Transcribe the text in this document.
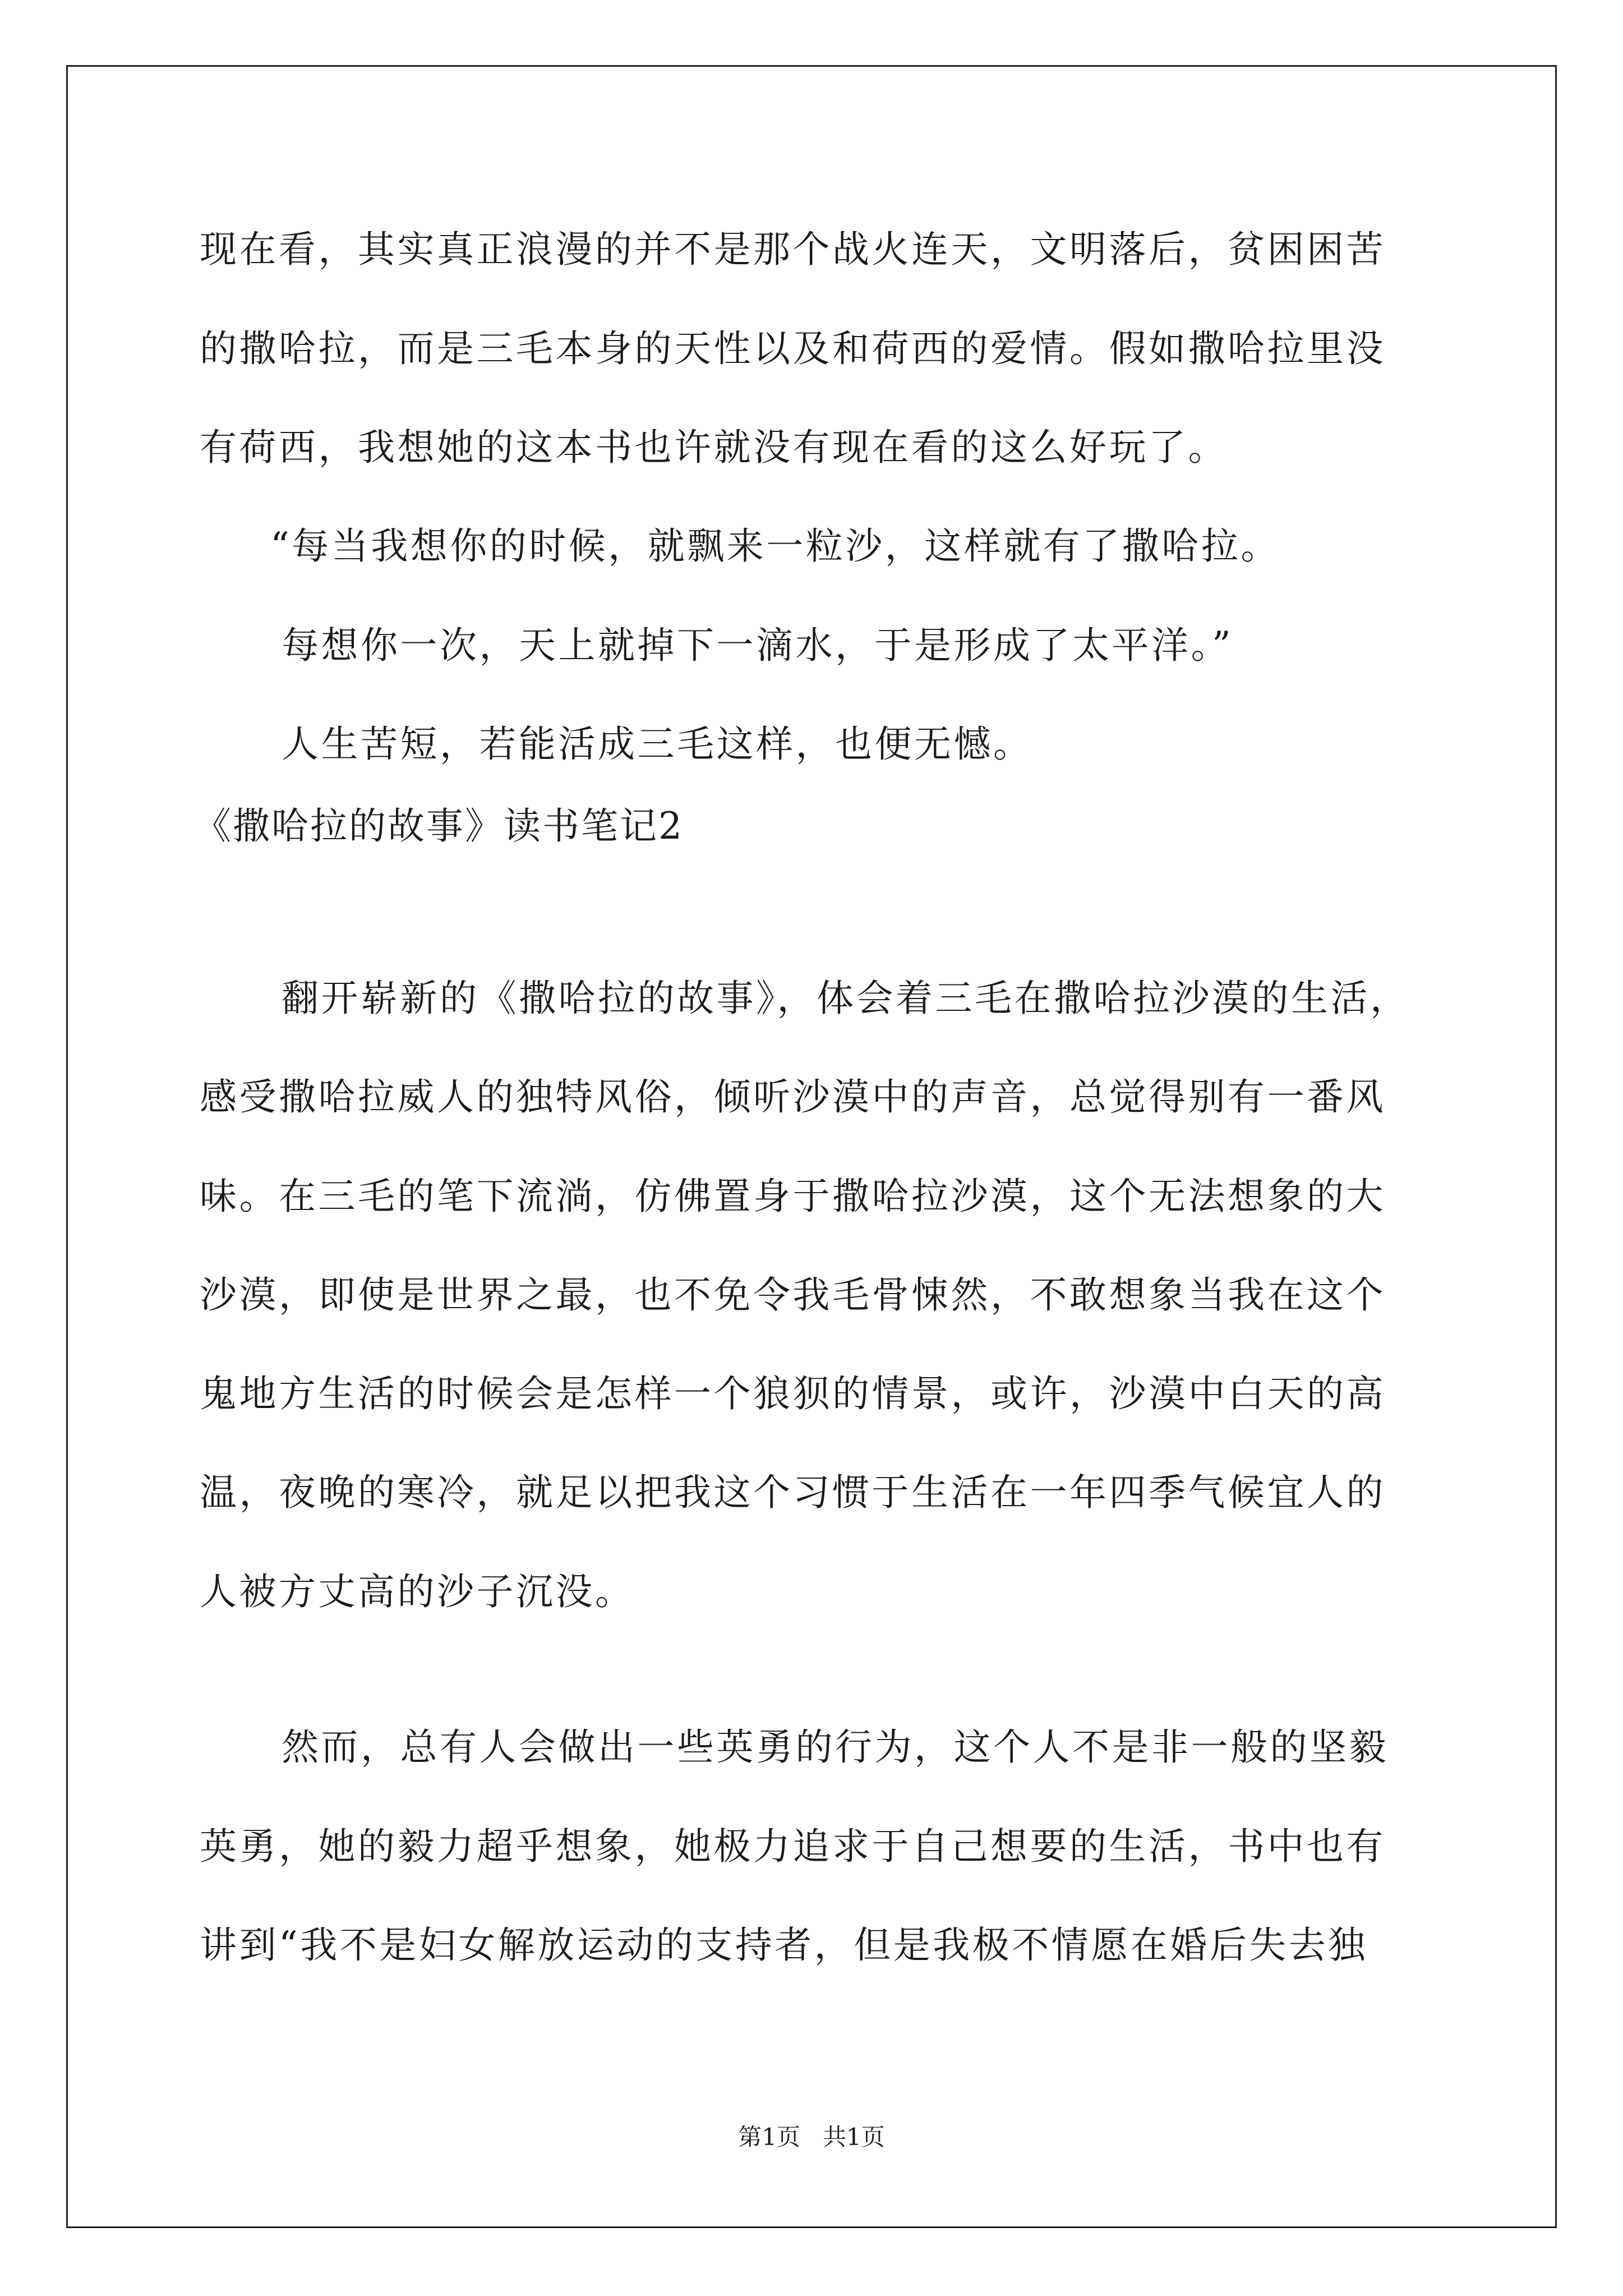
现在看，其实真正浪漫的并不是那个战火连天，文明落后，贫困困苦
的撒哈拉，而是三毛本身的天性以及和荷西的爱情。假如撒哈拉里没
有荷西，我想她的这本书也许就没有现在看的这么好玩了。
“每当我想你的时候，就飘来一粒沙，这样就有了撒哈拉。
每想你一次，天上就掉下一滴水，于是形成了太平洋。”
人生苦短，若能活成三毛这样，也便无憾。
《撒哈拉的故事》读书笔记2
翻开崭新的《撒哈拉的故事》，体会着三毛在撒哈拉沙漠的生活，
感受撒哈拉威人的独特风俗，倾听沙漠中的声音，总觉得别有一番风
味。在三毛的笔下流淌，仿佛置身于撒哈拉沙漠，这个无法想象的大
沙漠，即使是世界之最，也不免令我毛骨悚然，不敢想象当我在这个
鬼地方生活的时候会是怎样一个狼狈的情景，或许，沙漠中白天的高
温，夜晚的寒冷，就足以把我这个习惯于生活在一年四季气候宜人的
人被方丈高的沙子沉没。
然而，总有人会做出一些英勇的行为，这个人不是非一般的坚毅
英勇，她的毅力超乎想象，她极力追求于自己想要的生活，书中也有
讲到“我不是妇女解放运动的支持者，但是我极不情愿在婚后失去独
第1页   共1页
